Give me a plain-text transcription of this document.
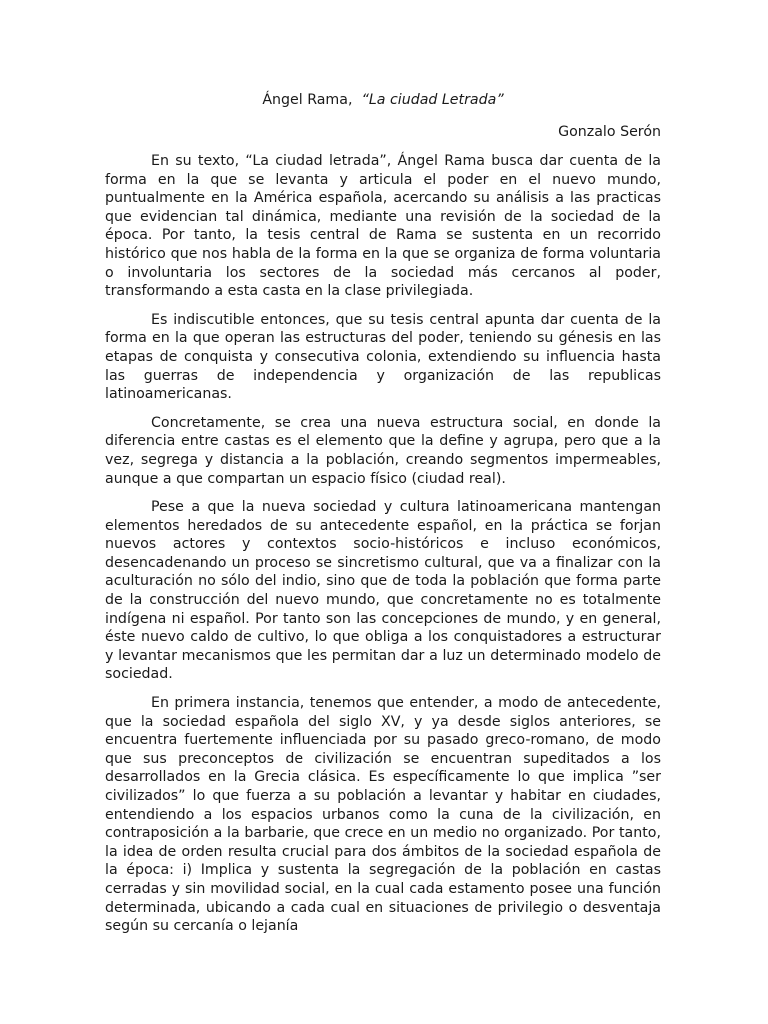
Ángel Rama, “La ciudad Letrada”
Gonzalo Serón

En su texto, “La ciudad letrada”, Ángel Rama busca dar cuenta de la forma en la que se levanta y articula el poder en el nuevo mundo, puntualmente en la América española, acercando su análisis a las practicas que evidencian tal dinámica, mediante una revisión de la sociedad de la época. Por tanto, la tesis central de Rama se sustenta en un recorrido histórico que nos habla de la forma en la que se organiza de forma voluntaria o involuntaria los sectores de la sociedad más cercanos al poder, transformando a esta casta en la clase privilegiada.

Es indiscutible entonces, que su tesis central apunta dar cuenta de la forma en la que operan las estructuras del poder, teniendo su génesis en las etapas de conquista y consecutiva colonia, extendiendo su influencia hasta las guerras de independencia y organización de las republicas latinoamericanas.

Concretamente, se crea una nueva estructura social, en donde la diferencia entre castas es el elemento que la define y agrupa, pero que a la vez, segrega y distancia a la población, creando segmentos impermeables, aunque a que compartan un espacio físico (ciudad real).

Pese a que la nueva sociedad y cultura latinoamericana mantengan elementos heredados de su antecedente español, en la práctica se forjan nuevos actores y contextos socio-históricos e incluso económicos, desencadenando un proceso se sincretismo cultural, que va a finalizar con la aculturación no sólo del indio, sino que de toda la población que forma parte de la construcción del nuevo mundo, que concretamente no es totalmente indígena ni español. Por tanto son las concepciones de mundo, y en general, éste nuevo caldo de cultivo, lo que obliga a los conquistadores a estructurar y levantar mecanismos que les permitan dar a luz un determinado modelo de sociedad.

En primera instancia, tenemos que entender, a modo de antecedente, que la sociedad española del siglo XV, y ya desde siglos anteriores, se encuentra fuertemente influenciada por su pasado greco-romano, de modo que sus preconceptos de civilización se encuentran supeditados a los desarrollados en la Grecia clásica. Es específicamente lo que implica ”ser civilizados” lo que fuerza a su población a levantar y habitar en ciudades, entendiendo a los espacios urbanos como la cuna de la civilización, en contraposición a la barbarie, que crece en un medio no organizado. Por tanto, la idea de orden resulta crucial para dos ámbitos de la sociedad española de la época: i) Implica y sustenta la segregación de la población en castas cerradas y sin movilidad social, en la cual cada estamento posee una función determinada, ubicando a cada cual en situaciones de privilegio o desventaja según su cercanía o lejanía
